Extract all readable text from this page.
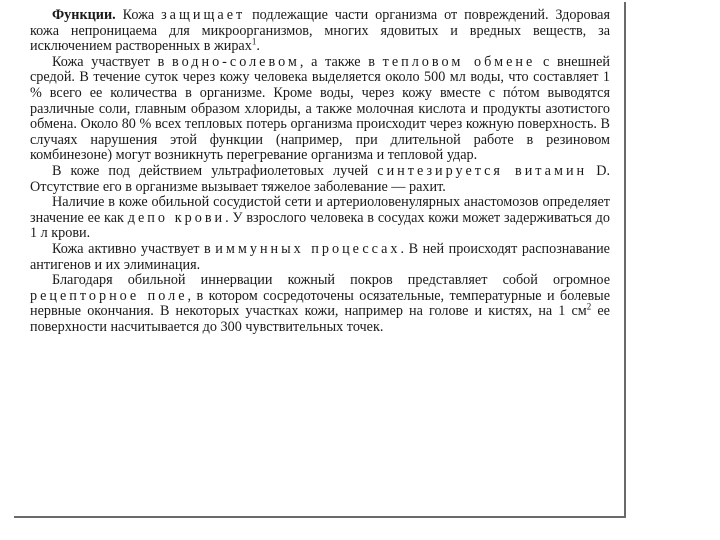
Функции. Кожа защищает подлежащие части организма от повреждений. Здоровая кожа непроницаема для микроорганизмов, многих ядовитых и вредных веществ, за исключением растворенных в жирах$^1$.

Кожа участвует в водно-солевом, а также в тепловом обмене с внешней средой. В течение суток через кожу человека выделяется около 500 мл воды, что составляет 1 % всего ее количества в организме. Кроме воды, через кожу вместе с пóтом выводятся различные соли, главным образом хлориды, а также молочная кислота и продукты азотистого обмена. Около 80 % всех тепловых потерь организма происходит через кожную поверхность. В случаях нарушения этой функции (например, при длительной работе в резиновом комбинезоне) могут возникнуть перегревание организма и тепловой удар.

В коже под действием ультрафиолетовых лучей синтезируется витамин D. Отсутствие его в организме вызывает тяжелое заболевание — рахит.

Наличие в коже обильной сосудистой сети и артериоловенулярных анастомозов определяет значение ее как депо крови. У взрослого человека в сосудах кожи может задерживаться до 1 л крови.

Кожа активно участвует в иммунных процессах. В ней происходят распознавание антигенов и их элиминация.

Благодаря обильной иннервации кожный покров представляет собой огромное рецепторное поле, в котором сосредоточены осязательные, температурные и болевые нервные окончания. В некоторых участках кожи, например на голове и кистях, на 1 $см^2$ ее поверхности насчитывается до 300 чувствительных точек.
